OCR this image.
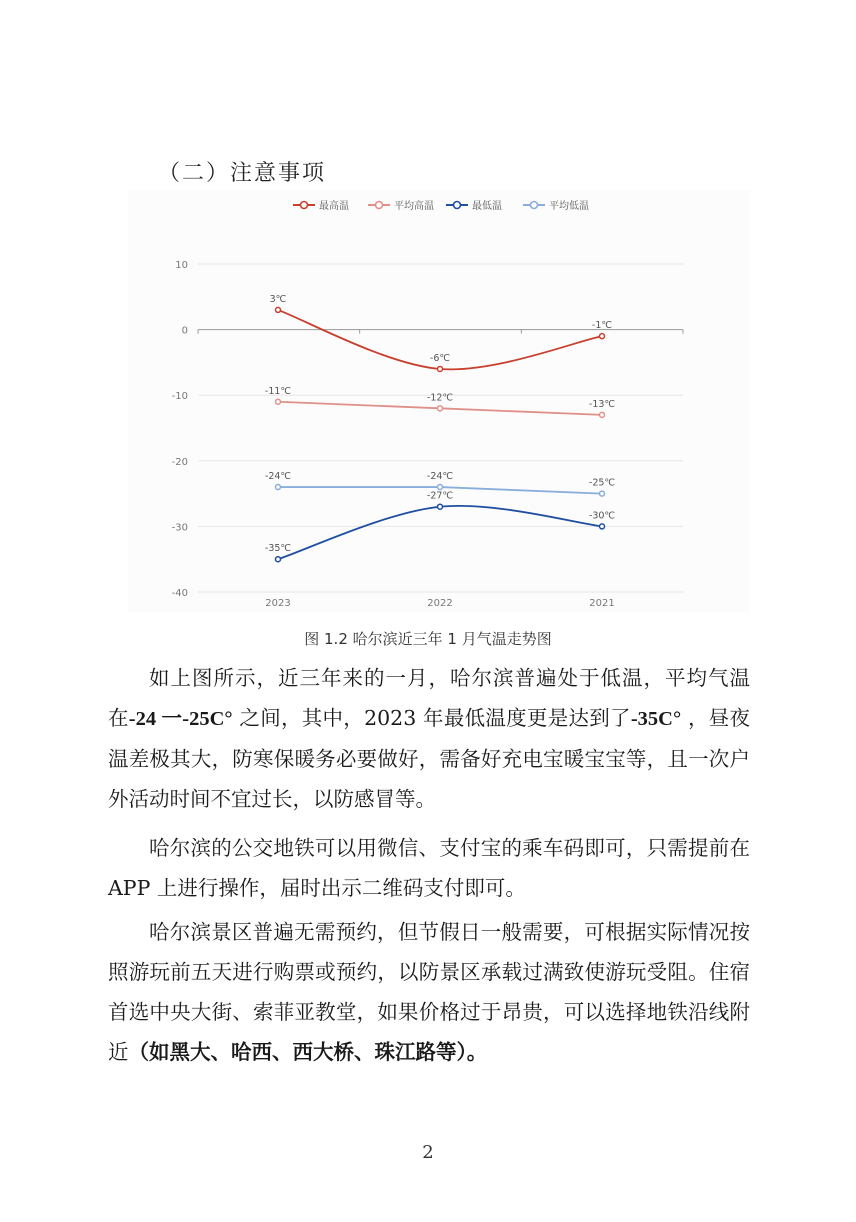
（二）注意事项
10
0
-10
-20
-30
-40
2023	2022	2021
3℃
-6℃
-1℃
-11℃
-12℃
-13℃
-35℃
-27℃
-30℃
-24℃	-24℃
-25℃
最高温	平均高温	最低温	平均低温
图 1.2 哈尔滨近三年 1 月气温走势图
如上图所示，近三年来的一月，哈尔滨普遍处于低温，平均气温在-24 一-25C° 之间，其中，2023 年最低温度更是达到了-35C° ，昼夜温差极其大，防寒保暖务必要做好，需备好充电宝暖宝宝等，且一次户外活动时间不宜过长，以防感冒等。
哈尔滨的公交地铁可以用微信、支付宝的乘车码即可，只需提前在 APP 上进行操作，届时出示二维码支付即可。
哈尔滨景区普遍无需预约，但节假日一般需要，可根据实际情况按照游玩前五天进行购票或预约，以防景区承载过满致使游玩受阻。住宿首选中央大街、索菲亚教堂，如果价格过于昂贵，可以选择地铁沿线附近（如黑大、哈西、西大桥、珠江路等）。
2
